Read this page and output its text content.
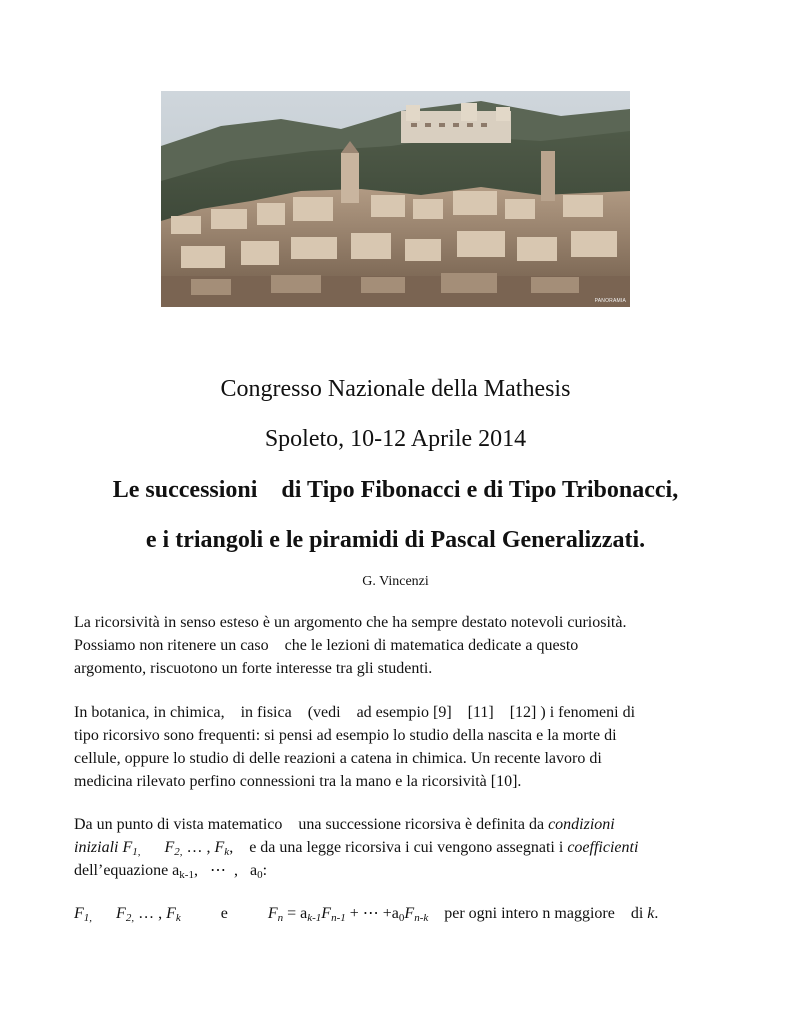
PANORAMIA
Congresso Nazionale della Mathesis
Spoleto, 10-12 Aprile 2014
Le successioni    di Tipo Fibonacci e di Tipo Tribonacci,
e i triangoli e le piramidi di Pascal Generalizzati.
G. Vincenzi
La ricorsività in senso esteso è un argomento che ha sempre destato notevoli curiosità.
Possiamo non ritenere un caso    che le lezioni di matematica dedicate a questo
argomento, riscuotono un forte interesse tra gli studenti.
In botanica, in chimica,    in fisica    (vedi    ad esempio [9]    [11]    [12] ) i fenomeni di
tipo ricorsivo sono frequenti: si pensi ad esempio lo studio della nascita e la morte di
cellule, oppure lo studio di delle reazioni a catena in chimica. Un recente lavoro di
medicina rilevato perfino connessioni tra la mano e la ricorsività [10].
Da un punto di vista matematico    una successione ricorsiva è definita da condizioni
iniziali $F_{1,}$ $F_{2,}$ … , $F_k$,    e da una legge ricorsiva i cui vengono assegnati i coefficienti
dell’equazione $a_{k-1}$,   ⋯  ,   $a_0$:
$F_{1,}$ $F_{2,}$ … , $F_k$	e	$F_n = a_{k-1}F_{n-1}$ + ⋯ $+a_0F_{n-k}$ per ogni intero n maggiore    di k.
